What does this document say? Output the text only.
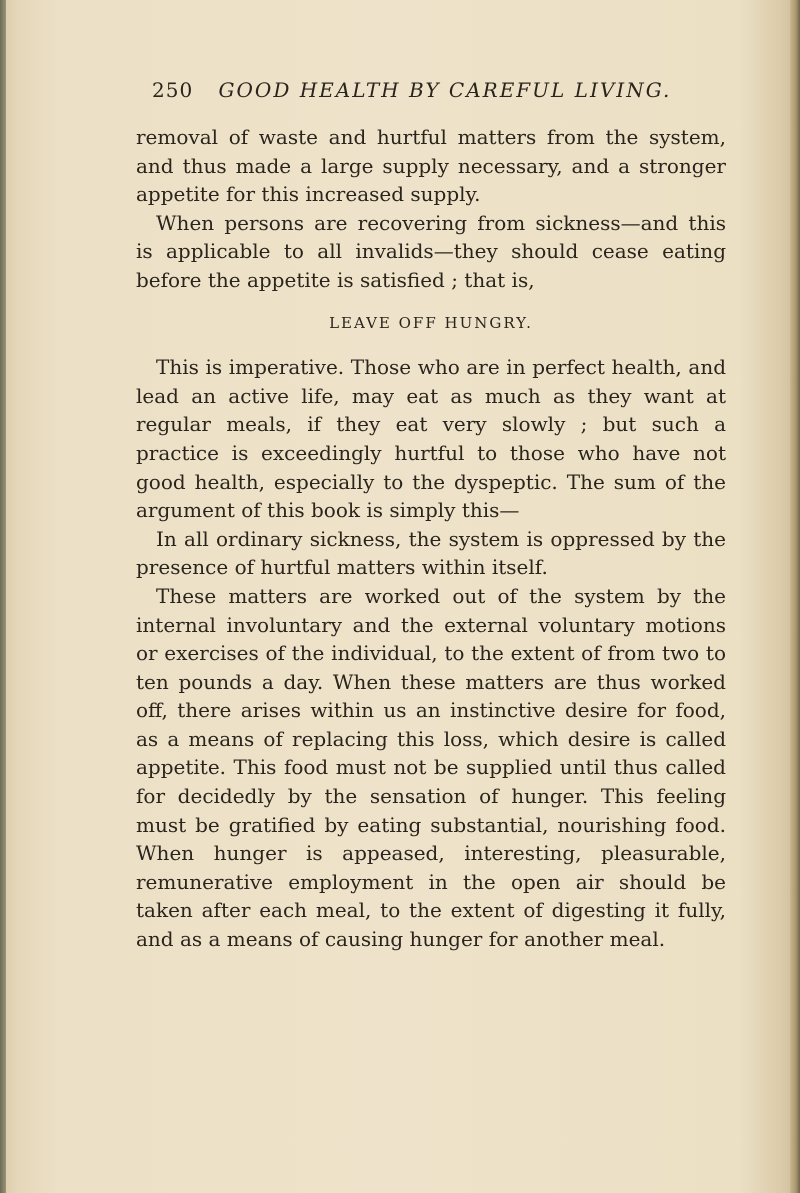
250 GOOD HEALTH BY CAREFUL LIVING.

removal of waste and hurtful matters from the system, and thus made a large supply necessary, and a stronger appetite for this increased supply.

When persons are recovering from sickness—and this is applicable to all invalids—they should cease eating before the appetite is satisfied ; that is,

LEAVE OFF HUNGRY.

This is imperative. Those who are in perfect health, and lead an active life, may eat as much as they want at regular meals, if they eat very slowly ; but such a practice is exceedingly hurtful to those who have not good health, especially to the dyspeptic. The sum of the argument of this book is simply this—

In all ordinary sickness, the system is oppressed by the presence of hurtful matters within itself.

These matters are worked out of the system by the internal involuntary and the external voluntary motions or exercises of the individual, to the extent of from two to ten pounds a day. When these matters are thus worked off, there arises within us an instinctive desire for food, as a means of replacing this loss, which desire is called appetite. This food must not be supplied until thus called for decidedly by the sensation of hunger. This feeling must be gratified by eating substantial, nourishing food. When hunger is appeased, interesting, pleasurable, remunerative employment in the open air should be taken after each meal, to the extent of digesting it fully, and as a means of causing hunger for another meal.
